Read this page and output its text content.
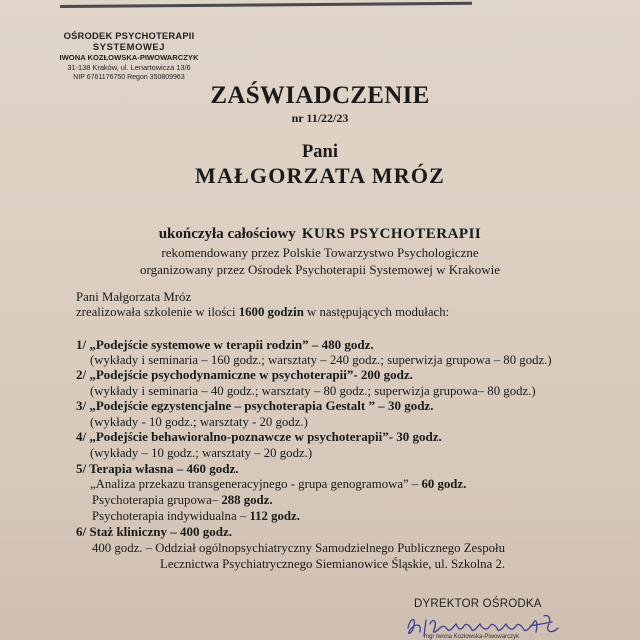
OŚRODEK PSYCHOTERAPII
SYSTEMOWEJ
IWONA KOZŁOWSKA-PIWOWARCZYK
31-138 Kraków, ul. Lenartowicza 13/6
NIP 6761176750 Regon 350809963
ZAŚWIADCZENIE
nr 11/22/23
Pani
MAŁGORZATA MRÓZ
ukończyła całościowy KURS PSYCHOTERAPII
rekomendowany przez Polskie Towarzystwo Psychologiczne
organizowany przez Ośrodek Psychoterapii Systemowej w Krakowie
Pani Małgorzata Mróz
zrealizowała szkolenie w ilości 1600 godzin w następujących modułach:
1/ „Podejście systemowe w terapii rodzin” – 480 godz.
(wykłady i seminaria – 160 godz.; warsztaty – 240 godz.; superwizja grupowa – 80 godz.)
2/ „Podejście psychodynamiczne w psychoterapii”- 200 godz.
(wykłady i seminaria – 40 godz.; warsztaty – 80 godz.; superwizja grupowa– 80 godz.)
3/ „Podejście egzystencjalne – psychoterapia Gestalt ” – 30 godz.
(wykłady - 10 godz.; warsztaty - 20 godz.)
4/ „Podejście behawioralno-poznawcze w psychoterapii”- 30 godz.
(wykłady – 10 godz.; warsztaty – 20 godz.)
5/ Terapia własna – 460 godz.
„Analiza przekazu transgeneracyjnego - grupa genogramowa” – 60 godz.
Psychoterapia grupowa– 288 godz.
Psychoterapia indywidualna – 112 godz.
6/ Staż kliniczny – 400 godz.
400 godz. – Oddział ogólnopsychiatryczny Samodzielnego Publicznego Zespołu
Lecznictwa Psychiatrycznego Siemianowice Śląskie, ul. Szkolna 2.
DYREKTOR OŚRODKA
mgr Iwona Kozłowska-Piwowarczyk
